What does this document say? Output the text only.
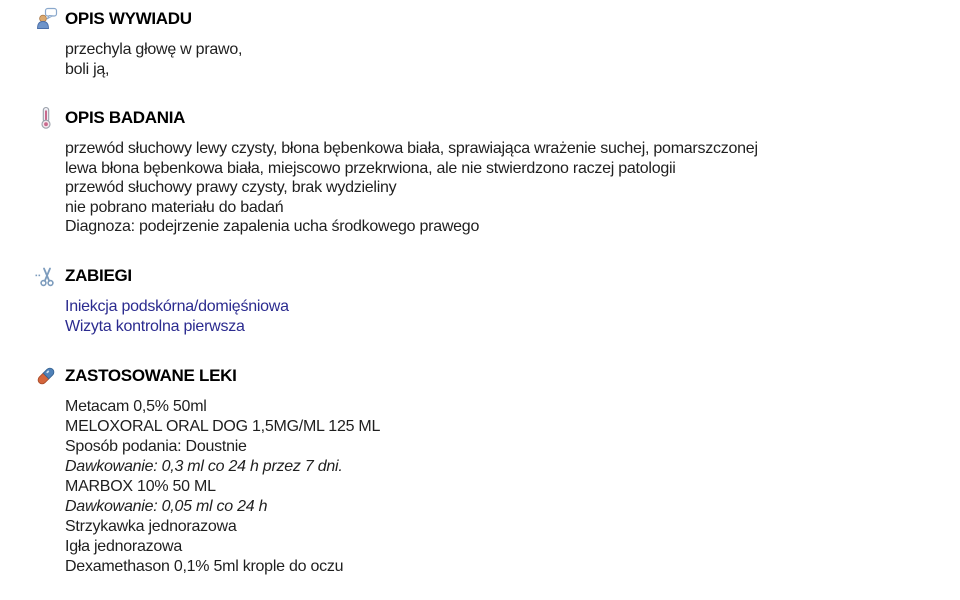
OPIS WYWIADU
przechyla głowę w prawo,
boli ją,
OPIS BADANIA
przewód słuchowy lewy czysty, błona bębenkowa biała, sprawiająca wrażenie suchej, pomarszczonej
lewa błona bębenkowa biała, miejscowo przekrwiona, ale nie stwierdzono raczej patologii
przewód słuchowy prawy czysty, brak wydzieliny
nie pobrano materiału do badań
Diagnoza: podejrzenie zapalenia ucha środkowego prawego
ZABIEGI
Iniekcja podskórna/domięśniowa
Wizyta kontrolna pierwsza
ZASTOSOWANE LEKI
Metacam 0,5% 50ml
MELOXORAL ORAL DOG 1,5MG/ML 125 ML
Sposób podania: Doustnie
Dawkowanie: 0,3 ml co 24 h przez 7 dni.
MARBOX 10% 50 ML
Dawkowanie: 0,05 ml co 24 h
Strzykawka jednorazowa
Igła jednorazowa
Dexamethason 0,1% 5ml krople do oczu
